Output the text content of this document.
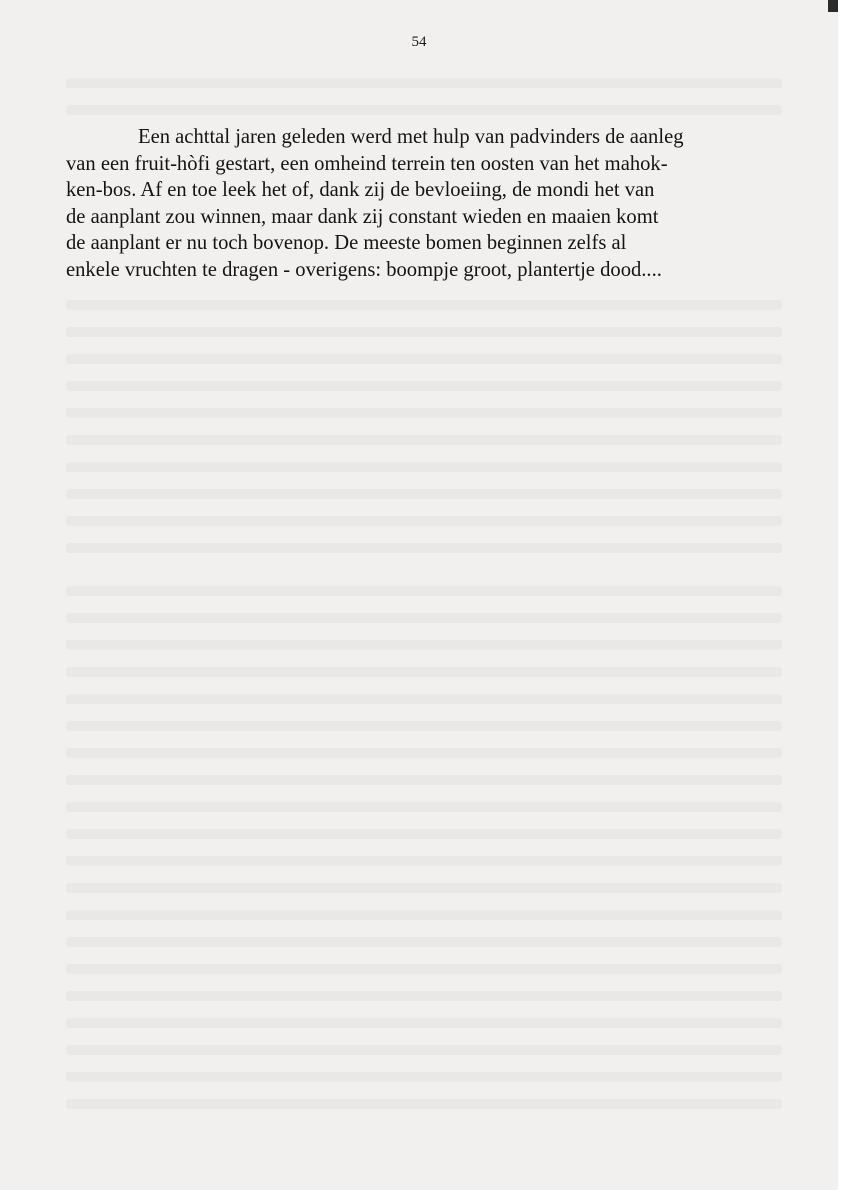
54

Een achttal jaren geleden werd met hulp van padvinders de aanleg
van een fruit-hòfi gestart, een omheind terrein ten oosten van het mahok-
ken-bos. Af en toe leek het of, dank zij de bevloeiing, de mondi het van
de aanplant zou winnen, maar dank zij constant wieden en maaien komt
de aanplant er nu toch bovenop. De meeste bomen beginnen zelfs al
enkele vruchten te dragen - overigens: boompje groot, plantertje dood....
